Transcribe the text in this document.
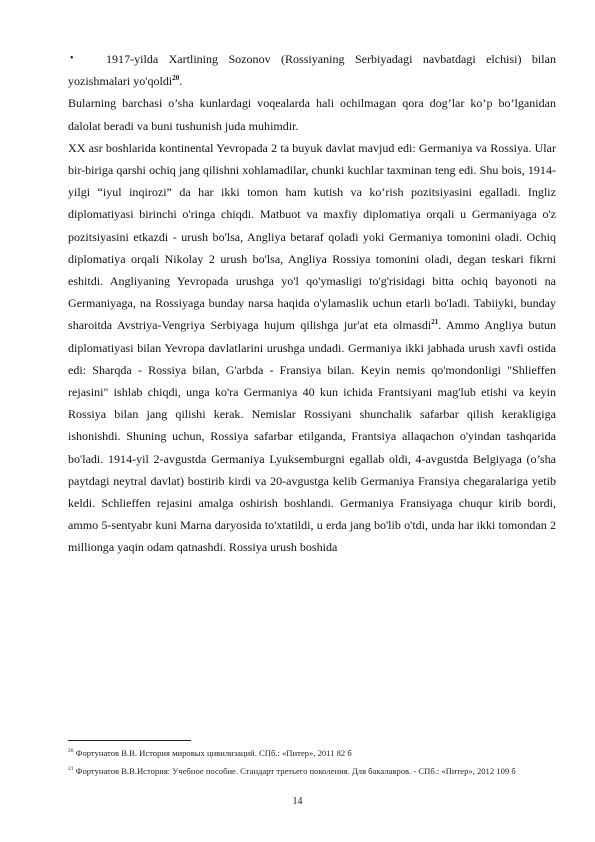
•	1917-yilda Xartlining Sozonov (Rossiyaning Serbiyadagi navbatdagi elchisi) bilan yozishmalari yo'qoldi$^{20}$.

Bularning barchasi o’sha kunlardagi voqealarda hali ochilmagan qora dog’lar ko’p bo’lganidan dalolat beradi va buni tushunish juda muhimdir.

XX asr boshlarida kontinental Yevropada 2 ta buyuk davlat mavjud edi: Germaniya va Rossiya. Ular bir-biriga qarshi ochiq jang qilishni xohlamadilar, chunki kuchlar taxminan teng edi. Shu bois, 1914-yilgi “iyul inqirozi” da har ikki tomon ham kutish va ko’rish pozitsiyasini egalladi. Ingliz diplomatiyasi birinchi o'ringa chiqdi. Matbuot va maxfiy diplomatiya orqali u Germaniyaga o'z pozitsiyasini etkazdi - urush bo'lsa, Angliya betaraf qoladi yoki Germaniya tomonini oladi. Ochiq diplomatiya orqali Nikolay 2 urush bo'lsa, Angliya Rossiya tomonini oladi, degan teskari fikrni eshitdi. Angliyaning Yevropada urushga yo'l qo'ymasligi to'g'risidagi bitta ochiq bayonoti na Germaniyaga, na Rossiyaga bunday narsa haqida o'ylamaslik uchun etarli bo'ladi. Tabiiyki, bunday sharoitda Avstriya-Vengriya Serbiyaga hujum qilishga jur'at eta olmasdi$^{21}$. Ammo Angliya butun diplomatiyasi bilan Yevropa davlatlarini urushga undadi. Germaniya ikki jabhada urush xavfi ostida edi: Sharqda - Rossiya bilan, G'arbda - Fransiya bilan. Keyin nemis qo'mondonligi "Shlieffen rejasini" ishlab chiqdi, unga ko'ra Germaniya 40 kun ichida Frantsiyani mag'lub etishi va keyin Rossiya bilan jang qilishi kerak. Nemislar Rossiyani shunchalik safarbar qilish kerakligiga ishonishdi. Shuning uchun, Rossiya safarbar etilganda, Frantsiya allaqachon o'yindan tashqarida bo'ladi. 1914-yil 2-avgustda Germaniya Lyuksemburgni egallab oldi, 4-avgustda Belgiyaga (o’sha paytdagi neytral davlat) bostirib kirdi va 20-avgustga kelib Germaniya Fransiya chegaralariga yetib keldi. Schlieffen rejasini amalga oshirish boshlandi. Germaniya Fransiyaga chuqur kirib bordi, ammo 5-sentyabr kuni Marna daryosida to'xtatildi, u erda jang bo'lib o'tdi, unda har ikki tomondan 2 millionga yaqin odam qatnashdi. Rossiya urush boshida

$^{20}$ Фортунатов В.В. История мировых цивилизаций. СПб.: «Питер», 2011 82 б

$^{21}$ Фортунатов В.В.История: Учебное пособие. Стандарт третьего поколения. Для бакалавров. - СПб.: «Питер», 2012 109 б

14
